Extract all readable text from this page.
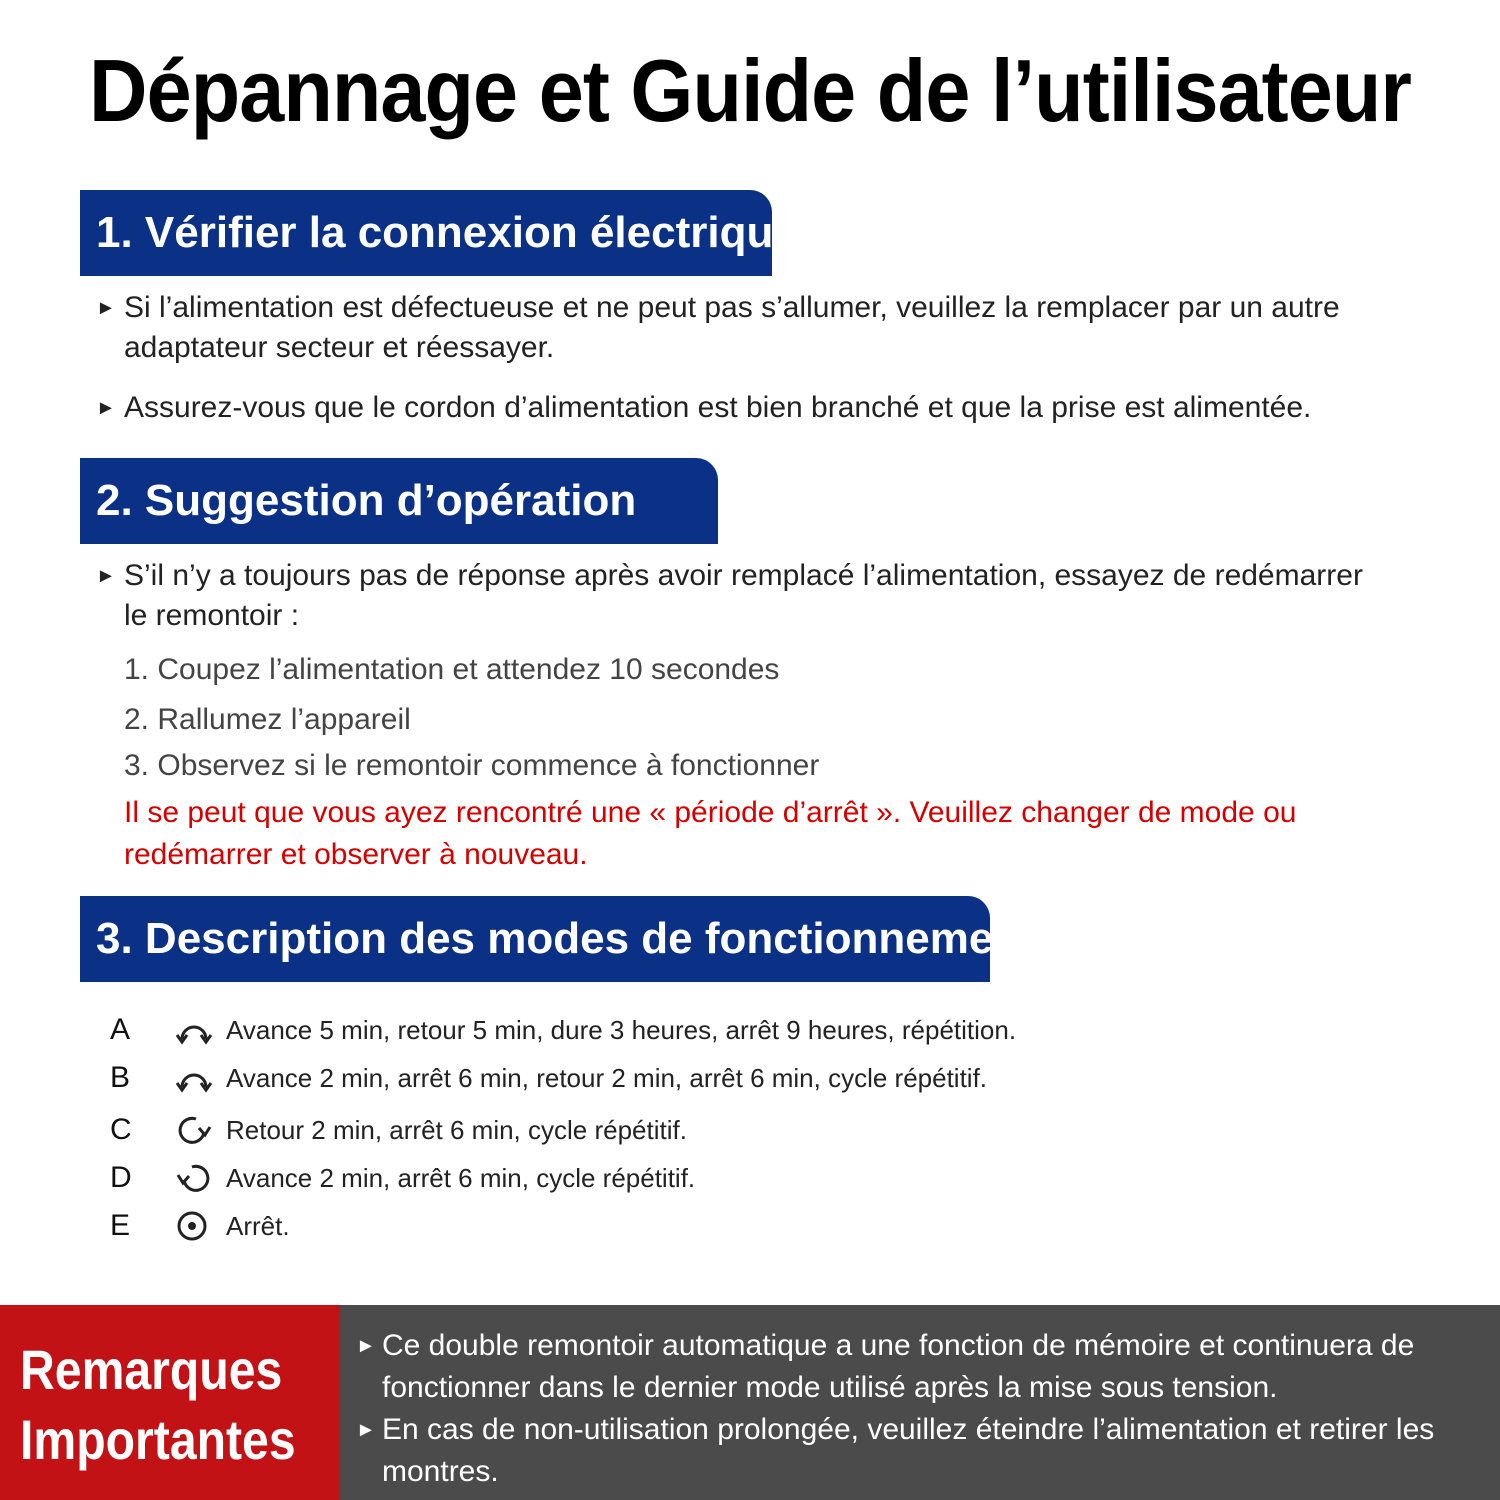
Dépannage et Guide de l’utilisateur
1. Vérifier la connexion électrique
► Si l’alimentation est défectueuse et ne peut pas s’allumer, veuillez la remplacer par un autre adaptateur secteur et réessayer.
► Assurez-vous que le cordon d’alimentation est bien branché et que la prise est alimentée.
2. Suggestion d’opération
► S’il n’y a toujours pas de réponse après avoir remplacé l’alimentation, essayez de redémarrer le remontoir :
1. Coupez l’alimentation et attendez 10 secondes
2. Rallumez l’appareil
3. Observez si le remontoir commence à fonctionner
Il se peut que vous ayez rencontré une « période d’arrêt ». Veuillez changer de mode ou redémarrer et observer à nouveau.
3. Description des modes de fonctionnement
A	Avance 5 min, retour 5 min, dure 3 heures, arrêt 9 heures, répétition.
B	Avance 2 min, arrêt 6 min, retour 2 min, arrêt 6 min, cycle répétitif.
C	Retour 2 min, arrêt 6 min, cycle répétitif.
D	Avance 2 min, arrêt 6 min, cycle répétitif.
E	Arrêt.
Remarques
Importantes
► Ce double remontoir automatique a une fonction de mémoire et continuera de fonctionner dans le dernier mode utilisé après la mise sous tension.
► En cas de non-utilisation prolongée, veuillez éteindre l’alimentation et retirer les montres.
